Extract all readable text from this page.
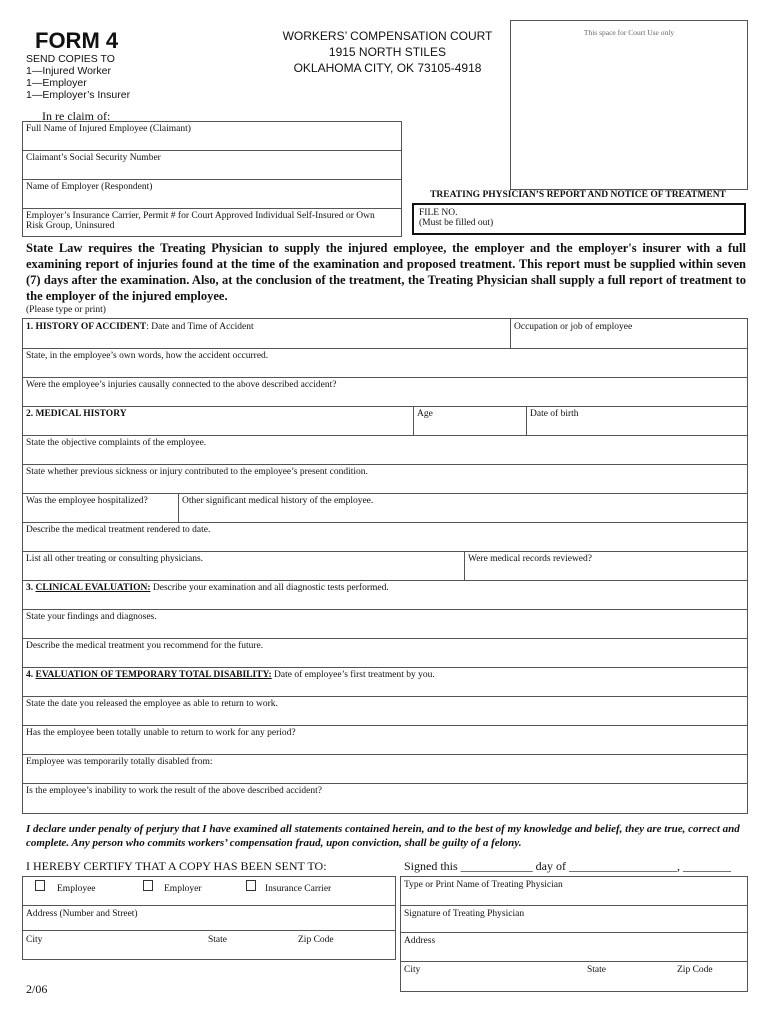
FORM 4
SEND COPIES TO
1—Injured Worker
1—Employer
1—Employer’s Insurer
WORKERS’ COMPENSATION COURT
1915 NORTH STILES
OKLAHOMA CITY, OK 73105-4918
This space for Court Use only
In re claim of:
Full Name of Injured Employee (Claimant)
Claimant’s Social Security Number
Name of Employer (Respondent)
Employer’s Insurance Carrier, Permit # for Court Approved Individual Self-Insured or Own
Risk Group, Uninsured
TREATING PHYSICIAN’S REPORT AND NOTICE OF TREATMENT
FILE NO.
(Must be filled out)
State Law requires the Treating Physician to supply the injured employee, the employer and the employer's insurer with a full examining report of injuries found at the time of the examination and proposed treatment. This report must be supplied within seven (7) days after the examination. Also, at the conclusion of the treatment, the Treating Physician shall supply a full report of treatment to the employer of the injured employee.
(Please type or print)
1. HISTORY OF ACCIDENT: Date and Time of Accident	Occupation or job of employee
State, in the employee’s own words, how the accident occurred.
Were the employee’s injuries causally connected to the above described accident?
2. MEDICAL HISTORY	Age	Date of birth
State the objective complaints of the employee.
State whether previous sickness or injury contributed to the employee’s present condition.
Was the employee hospitalized?	Other significant medical history of the employee.
Describe the medical treatment rendered to date.
List all other treating or consulting physicians.	Were medical records reviewed?
3. CLINICAL EVALUATION: Describe your examination and all diagnostic tests performed.
State your findings and diagnoses.
Describe the medical treatment you recommend for the future.
4. EVALUATION OF TEMPORARY TOTAL DISABILITY: Date of employee’s first treatment by you.
State the date you released the employee as able to return to work.
Has the employee been totally unable to return to work for any period?
Employee was temporarily totally disabled from:
Is the employee’s inability to work the result of the above described accident?
I declare under penalty of perjury that I have examined all statements contained herein, and to the best of my knowledge and belief, they are true, correct and complete. Any person who commits workers’ compensation fraud, upon conviction, shall be guilty of a felony.
I HEREBY CERTIFY THAT A COPY HAS BEEN SENT TO:
Employee	Employer	Insurance Carrier
Address (Number and Street)
City	State	Zip Code
Signed this ____________ day of __________________, ________
Type or Print Name of Treating Physician
Signature of Treating Physician
Address
City	State	Zip Code
2/06
